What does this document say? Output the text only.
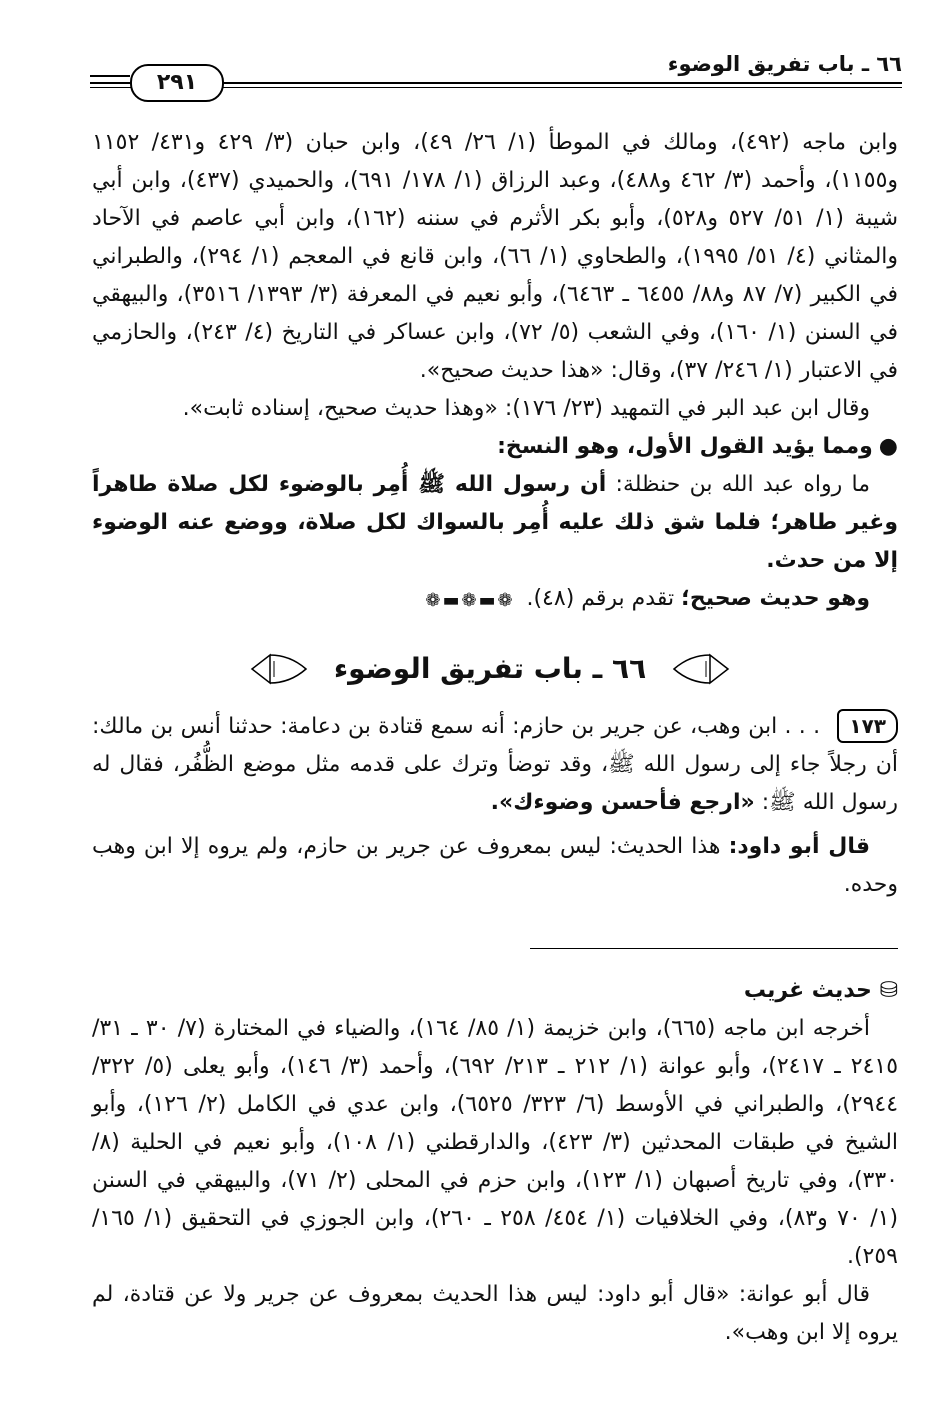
٦٦ ـ باب تفريق الوضوء
٢٩١

وابن ماجه (٤٩٢)، ومالك في الموطأ (١/ ٢٦/ ٤٩)، وابن حبان (٣/ ٤٢٩ و٤٣١/ ١١٥٢ و١١٥٥)، وأحمد (٣/ ٤٦٢ و٤٨٨)، وعبد الرزاق (١/ ١٧٨/ ٦٩١)، والحميدي (٤٣٧)، وابن أبي شيبة (١/ ٥١/ ٥٢٧ و٥٢٨)، وأبو بكر الأثرم في سننه (١٦٢)، وابن أبي عاصم في الآحاد والمثاني (٤/ ٥١/ ١٩٩٥)، والطحاوي (١/ ٦٦)، وابن قانع في المعجم (١/ ٢٩٤)، والطبراني في الكبير (٧/ ٨٧ و٨٨/ ٦٤٥٥ ـ ٦٤٦٣)، وأبو نعيم في المعرفة (٣/ ١٣٩٣/ ٣٥١٦)، والبيهقي في السنن (١/ ١٦٠)، وفي الشعب (٥/ ٧٢)، وابن عساكر في التاريخ (٤/ ٢٤٣)، والحازمي في الاعتبار (١/ ٢٤٦/ ٣٧)، وقال: «هذا حديث صحيح».

وقال ابن عبد البر في التمهيد (٢٣/ ١٧٦): «وهذا حديث صحيح، إسناده ثابت».

●ومما يؤيد القول الأول، وهو النسخ:

ما رواه عبد الله بن حنظلة: أن رسول الله ﷺ أُمِر بالوضوء لكل صلاة طاهراً وغير طاهر؛ فلما شق ذلك عليه أُمِر بالسواك لكل صلاة، ووضع عنه الوضوء إلا من حدث.

وهو حديث صحيح؛ تقدم برقم (٤٨).

❁▬❁▬❁
٦٦ ـ باب تفريق الوضوء

١٧٣ . . . ابن وهب، عن جرير بن حازم: أنه سمع قتادة بن دعامة: حدثنا أنس بن مالك: أن رجلاً جاء إلى رسول الله ﷺ، وقد توضأ وترك على قدمه مثل موضع الظُّفُر، فقال له رسول الله ﷺ: «ارجع فأحسن وضوءك».

قال أبو داود: هذا الحديث: ليس بمعروف عن جرير بن حازم، ولم يروه إلا ابن وهب وحده.

⛁ حديث غريب

أخرجه ابن ماجه (٦٦٥)، وابن خزيمة (١/ ٨٥/ ١٦٤)، والضياء في المختارة (٧/ ٣٠ ـ ٣١/ ٢٤١٥ ـ ٢٤١٧)، وأبو عوانة (١/ ٢١٢ ـ ٢١٣/ ٦٩٢)، وأحمد (٣/ ١٤٦)، وأبو يعلى (٥/ ٣٢٢/ ٢٩٤٤)، والطبراني في الأوسط (٦/ ٣٢٣/ ٦٥٢٥)، وابن عدي في الكامل (٢/ ١٢٦)، وأبو الشيخ في طبقات المحدثين (٣/ ٤٢٣)، والدارقطني (١/ ١٠٨)، وأبو نعيم في الحلية (٨/ ٣٣٠)، وفي تاريخ أصبهان (١/ ١٢٣)، وابن حزم في المحلى (٢/ ٧١)، والبيهقي في السنن (١/ ٧٠ و٨٣)، وفي الخلافيات (١/ ٤٥٤/ ٢٥٨ ـ ٢٦٠)، وابن الجوزي في التحقيق (١/ ١٦٥/ ٢٥٩).

قال أبو عوانة: «قال أبو داود: ليس هذا الحديث بمعروف عن جرير ولا عن قتادة، لم يروه إلا ابن وهب».
